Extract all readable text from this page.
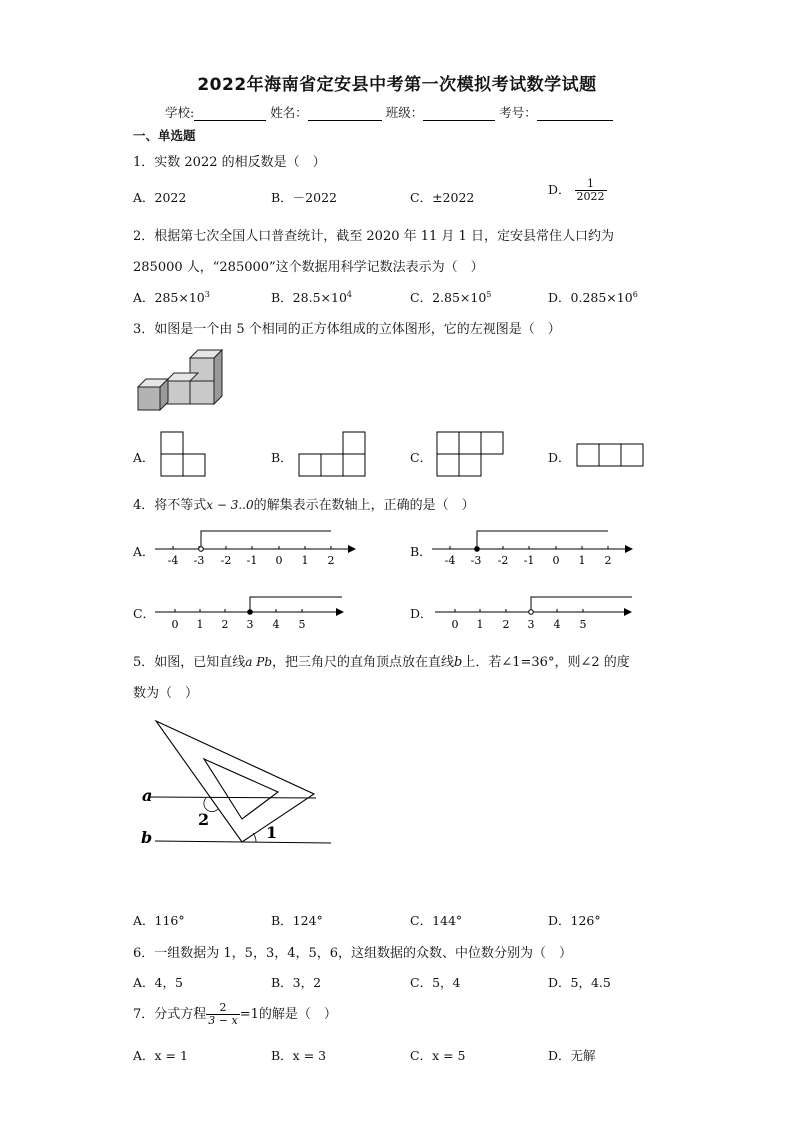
2022年海南省定安县中考第一次模拟考试数学试题
学校:	姓名：	班级：	考号：
一、单选题
1．实数 2022 的相反数是（　）
A．2022	B．－2022	C．±2022
D． $\frac{1}{2022}$
2．根据第七次全国人口普查统计，截至 2020 年 11 月 1 日，定安县常住人口约为
285000 人，“285000”这个数据用科学记数法表示为（　）
A．$285\times 10^3$	B．$28.5\times 10^4$	C．$2.85\times 10^5$	D．$0.285\times 10^6$
3．如图是一个由 5 个相同的正方体组成的立体图形，它的左视图是（　）
A．	B．	C．	D．
4．将不等式x − 3..0的解集表示在数轴上，正确的是（　）
A．
-4 -3 -2 -1 0 1 2
B．
-4 -3 -2 -1 0 1 2
C．
0 1 2 3 4 5
D．
0 1 2 3 4 5
5．如图，已知直线a Pb，把三角尺的直角顶点放在直线b上．若∠1=36°，则∠2 的度
数为（　）
a
b
2
1
A．116°	B．124°	C．144°	D．126°
6．一组数据为 1，5，3，4，5，6，这组数据的众数、中位数分别为（　）
A．4，5	B．3，2	C．5，4	D．5，4.5
7．分式方程 $\frac{2}{3 - x} =1$的解是（　）
A．x = 1	B．x = 3	C．x = 5	D．无解
